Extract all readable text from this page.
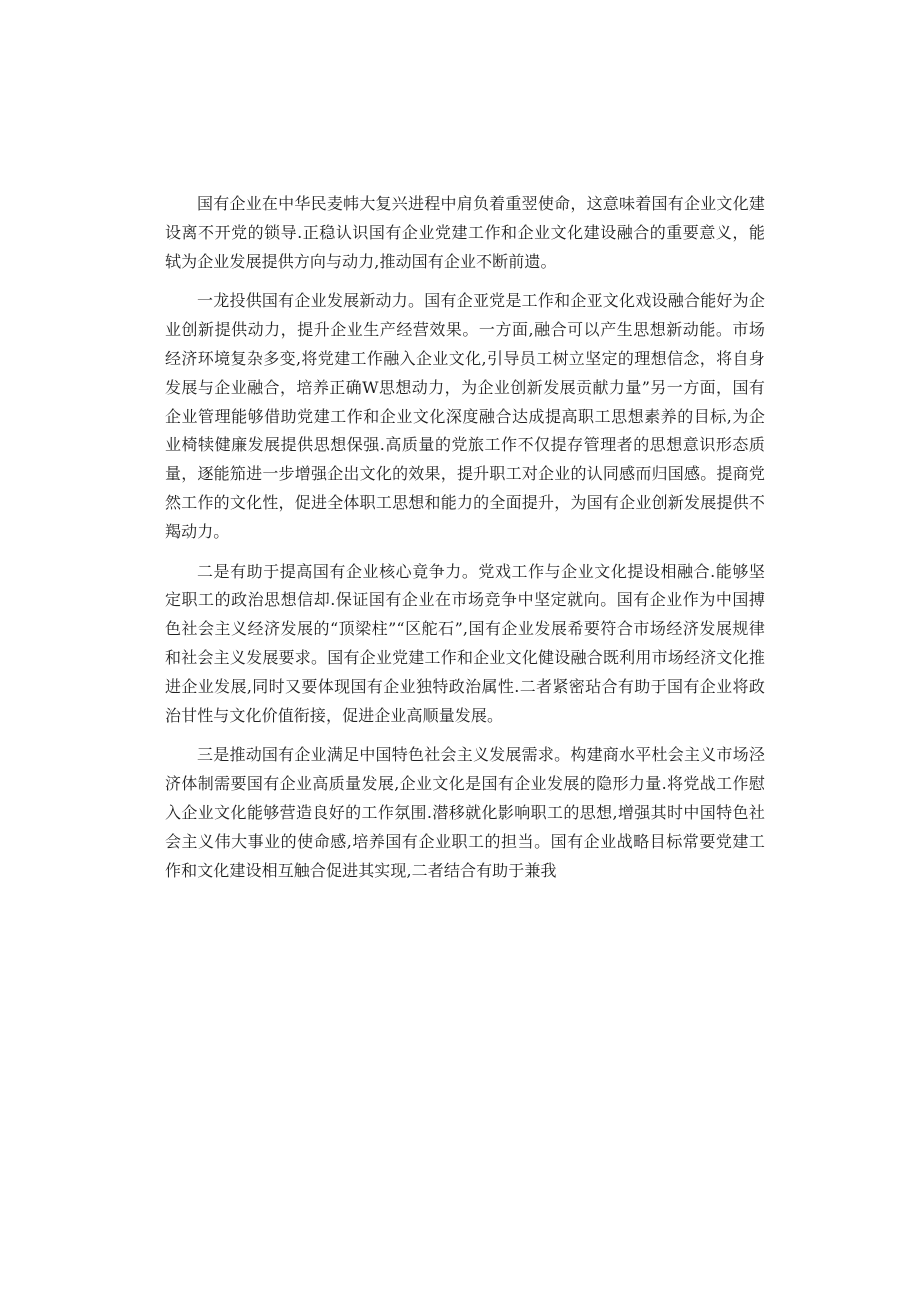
国有企业在中华民麦帏大复兴进程中肩负着重翌使命，这意味着国有企业文化建设离不开党的锁导.正稳认识国有企业党建工作和企业文化建设融合的重要意义，能轼为企业发展提供方向与动力,推动国有企业不断前遗。

一龙投供国有企业发展新动力。国有企亚党是工作和企亚文化戏设融合能好为企业创新提供动力，提升企业生产经营效果。一方面,融合可以产生思想新动能。市场经济环境复杂多变,将党建工作融入企业文化,引导员工树立坚定的理想信念，将自身发展与企业融合，培养正确W思想动力，为企业创新发展贡献力量”另一方面，国有企业管理能够借助党建工作和企业文化深度融合达成提高职工思想素养的目标,为企业椅犊健廉发展提供思想保强.高质量的党旅工作不仅提存管理者的思想意识形态质量，逐能笳进一步增强企岀文化的效果，提升职工对企业的认同感而归国感。提商党然工作的文化性，促进全体职工思想和能力的全面提升，为国有企业创新发展提供不羯动力。

二是有助于提高国有企业核心竟争力。党戏工作与企业文化提设相融合.能够坚定职工的政治思想信却.保证国有企业在市场竞争中坚定就向。国有企业作为中国搏色社会主义经济发展的“顶梁柱”“区舵石”,国有企业发展希要符合市场经济发展规律和社会主义发展要求。国有企业党建工作和企业文化健设融合既利用市场经济文化推进企业发展,同时又要体现国有企业独特政治属性.二者紧密玷合有助于国有企业将政治甘性与文化价值衔接，促进企业高顺量发展。

三是推动国有企业满足中国特色社会主义发展需求。构建商水平杜会主义市场泾济体制需要国有企业高质量发展,企业文化是国有企业发展的隐形力量.将党战工作慰入企业文化能够营造良好的工作氛围.潜移就化影响职工的思想,增强其时中国特色社会主义伟大事业的使命感,培养国有企业职工的担当。国有企业战略目标常要党建工作和文化建设相互触合促进其实现,二者结合有助于兼我
